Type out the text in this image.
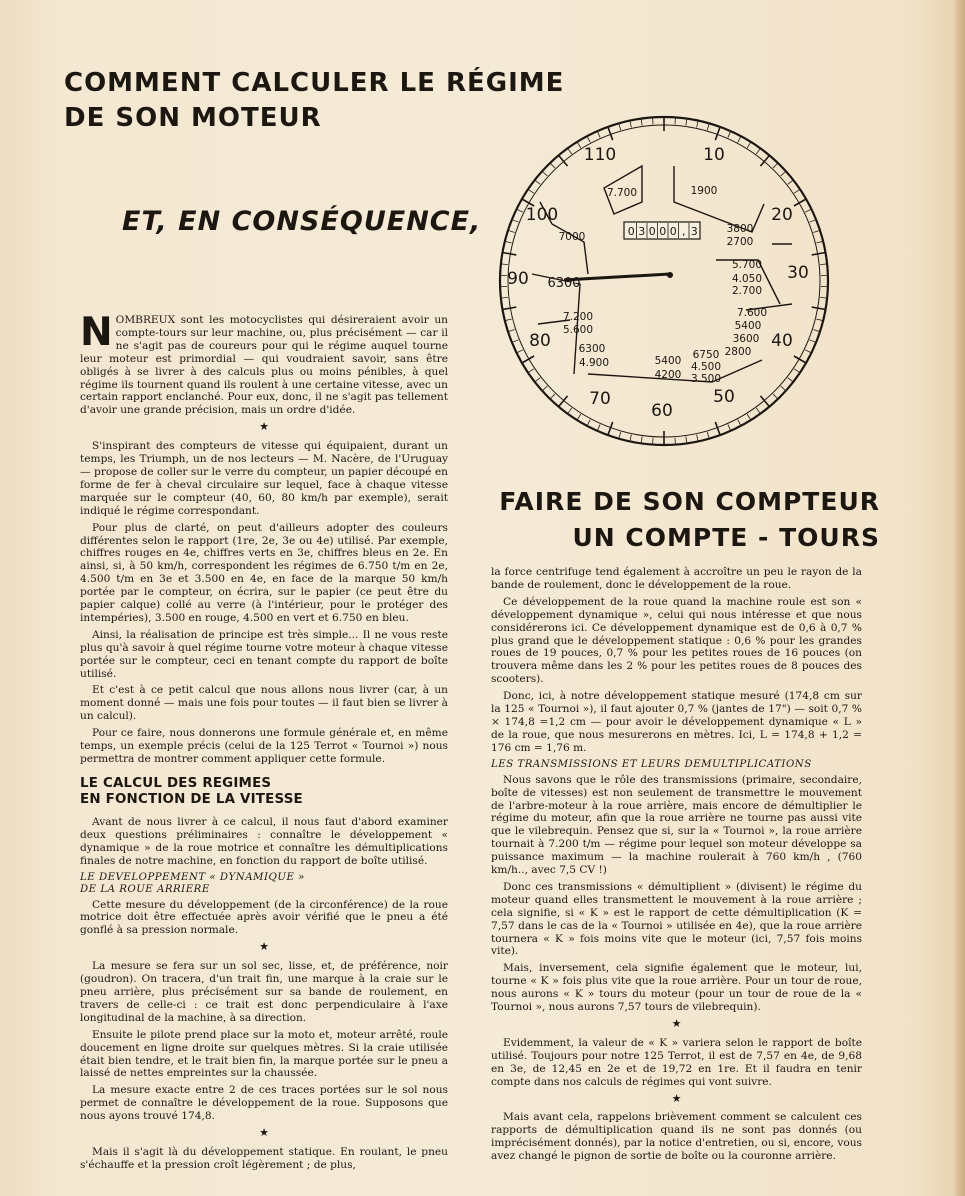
COMMENT CALCULER LE RÉGIME
DE SON MOTEUR
ET, EN CONSÉQUENCE,	0 3 0 0 0 , 3
10
20
30
40
50
60
70
80
90
100
110
1900
7.700
7000
3800
2700
5.700
4.050
2.700
7.600
5400
3600
2800
7.200
5.600
6300
4.900	5400
4200
6750
4.500
3.500
6300

NOMBREUX sont les motocyclistes qui désireraient avoir un compte-tours sur leur machine, ou, plus précisément — car il ne s'agit pas de coureurs pour qui le régime auquel tourne leur moteur est primordial — qui voudraient savoir, sans être obligés à se livrer à des calculs plus ou moins pénibles, à quel régime ils tournent quand ils roulent à une certaine vitesse, avec un certain rapport enclanché. Pour eux, donc, il ne s'agit pas tellement d'avoir une grande précision, mais un ordre d'idée.

★

S'inspirant des compteurs de vitesse qui équipaient, durant un temps, les Triumph, un de nos lecteurs — M. Nacère, de l'Uruguay — propose de coller sur le verre du compteur, un papier découpé en forme de fer à cheval circulaire sur lequel, face à chaque vitesse marquée sur le compteur (40, 60, 80 km/h par exemple), serait indiqué le régime correspondant.

Pour plus de clarté, on peut d'ailleurs adopter des couleurs différentes selon le rapport (1re, 2e, 3e ou 4e) utilisé. Par exemple, chiffres rouges en 4e, chiffres verts en 3e, chiffres bleus en 2e. En ainsi, si, à 50 km/h, correspondent les régimes de 6.750 t/m en 2e, 4.500 t/m en 3e et 3.500 en 4e, en face de la marque 50 km/h portée par le compteur, on écrira, sur le papier (ce peut être du papier calque) collé au verre (à l'intérieur, pour le protéger des intempéries), 3.500 en rouge, 4.500 en vert et 6.750 en bleu.

Ainsi, la réalisation de principe est très simple... Il ne vous reste plus qu'à savoir à quel régime tourne votre moteur à chaque vitesse portée sur le compteur, ceci en tenant compte du rapport de boîte utilisé.

Et c'est à ce petit calcul que nous allons nous livrer (car, à un moment donné — mais une fois pour toutes — il faut bien se livrer à un calcul).

Pour ce faire, nous donnerons une formule générale et, en même temps, un exemple précis (celui de la 125 Terrot « Tournoi ») nous permettra de montrer comment appliquer cette formule.

LE CALCUL DES REGIMES
EN FONCTION DE LA VITESSE

Avant de nous livrer à ce calcul, il nous faut d'abord examiner deux questions préliminaires : connaître le développement « dynamique » de la roue motrice et connaître les démultiplications finales de notre machine, en fonction du rapport de boîte utilisé.

LE DEVELOPPEMENT « DYNAMIQUE »
DE LA ROUE ARRIERE

Cette mesure du développement (de la circonférence) de la roue motrice doit être effectuée après avoir vérifié que le pneu a été gonflé à sa pression normale.

★

La mesure se fera sur un sol sec, lisse, et, de préférence, noir (goudron). On tracera, d'un trait fin, une marque à la craie sur le pneu arrière, plus précisément sur sa bande de roulement, en travers de celle-ci : ce trait est donc perpendiculaire à l'axe longitudinal de la machine, à sa direction.

Ensuite le pilote prend place sur la moto et, moteur arrêté, roule doucement en ligne droite sur quelques mètres. Si la craie utilisée était bien tendre, et le trait bien fin, la marque portée sur le pneu a laissé de nettes empreintes sur la chaussée.

La mesure exacte entre 2 de ces traces portées sur le sol nous permet de connaître le développement de la roue. Supposons que nous ayons trouvé 174,8.

★

Mais il s'agit là du développement statique. En roulant, le pneu s'échauffe et la pression croît légèrement ; de plus,

FAIRE DE SON COMPTEUR
UN COMPTE - TOURS

la force centrifuge tend également à accroître un peu le rayon de la bande de roulement, donc le développement de la roue.

Ce développement de la roue quand la machine roule est son « développement dynamique », celui qui nous intéresse et que nous considérerons ici. Ce développement dynamique est de 0,6 à 0,7 % plus grand que le développement statique : 0,6 % pour les grandes roues de 19 pouces, 0,7 % pour les petites roues de 16 pouces (on trouvera même dans les 2 % pour les petites roues de 8 pouces des scooters).

Donc, ici, à notre développement statique mesuré (174,8 cm sur la 125 « Tournoi »), il faut ajouter 0,7 % (jantes de 17") — soit 0,7 % × 174,8 =1,2 cm — pour avoir le développement dynamique « L » de la roue, que nous mesurerons en mètres. Ici, L = 174,8 + 1,2 = 176 cm = 1,76 m.

LES TRANSMISSIONS ET LEURS DEMULTIPLICATIONS

Nous savons que le rôle des transmissions (primaire, secondaire, boîte de vitesses) est non seulement de transmettre le mouvement de l'arbre-moteur à la roue arrière, mais encore de démultiplier le régime du moteur, afin que la roue arrière ne tourne pas aussi vite que le vilebrequin. Pensez que si, sur la « Tournoi », la roue arrière tournait à 7.200 t/m — régime pour lequel son moteur développe sa puissance maximum — la machine roulerait à 760 km/h , (760 km/h.., avec 7,5 CV !)

Donc ces transmissions « démultiplient » (divisent) le régime du moteur quand elles transmettent le mouvement à la roue arrière ; cela signifie, si « K » est le rapport de cette démultiplication (K = 7,57 dans le cas de la « Tournoi » utilisée en 4e), que la roue arrière tournera « K » fois moins vite que le moteur (ici, 7,57 fois moins vite).

Mais, inversement, cela signifie également que le moteur, lui, tourne « K » fois plus vite que la roue arrière. Pour un tour de roue, nous aurons « K » tours du moteur (pour un tour de roue de la « Tournoi », nous aurons 7,57 tours de vilebrequin).

★

Evidemment, la valeur de « K » variera selon le rapport de boîte utilisé. Toujours pour notre 125 Terrot, il est de 7,57 en 4e, de 9,68 en 3e, de 12,45 en 2e et de 19,72 en 1re. Et il faudra en tenir compte dans nos calculs de régimes qui vont suivre.

★

Mais avant cela, rappelons brièvement comment se calculent ces rapports de démultiplication quand ils ne sont pas donnés (ou imprécisément donnés), par la notice d'entretien, ou si, encore, vous avez changé le pignon de sortie de boîte ou la couronne arrière.
